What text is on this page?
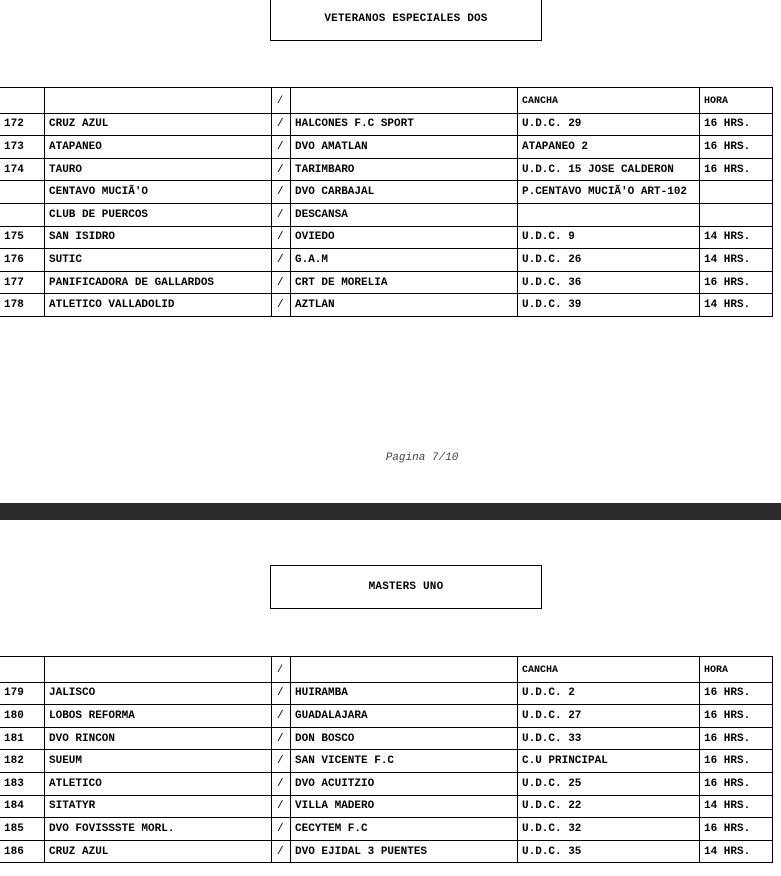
VETERANOS ESPECIALES DOS
		/		CANCHA	HORA
172	CRUZ AZUL	/	HALCONES F.C SPORT	U.D.C. 29	16 HRS.
173	ATAPANEO	/	DVO AMATLAN	ATAPANEO 2	16 HRS.
174	TAURO	/	TARIMBARO	U.D.C. 15 JOSE CALDERON	16 HRS.
	CENTAVO MUCIÃ'O	/	DVO CARBAJAL	P.CENTAVO MUCIÃ'O ART-102	
	CLUB DE PUERCOS	/	DESCANSA		
175	SAN ISIDRO	/	OVIEDO	U.D.C. 9	14 HRS.
176	SUTIC	/	G.A.M	U.D.C. 26	14 HRS.
177	PANIFICADORA DE GALLARDOS	/	CRT DE MORELIA	U.D.C. 36	16 HRS.
178	ATLETICO VALLADOLID	/	AZTLAN	U.D.C. 39	14 HRS.
Pagina 7/10
MASTERS UNO
		/		CANCHA	HORA
179	JALISCO	/	HUIRAMBA	U.D.C. 2	16 HRS.
180	LOBOS REFORMA	/	GUADALAJARA	U.D.C. 27	16 HRS.
181	DVO RINCON	/	DON BOSCO	U.D.C. 33	16 HRS.
182	SUEUM	/	SAN VICENTE F.C	C.U PRINCIPAL	16 HRS.
183	ATLETICO	/	DVO ACUITZIO	U.D.C. 25	16 HRS.
184	SITATYR	/	VILLA MADERO	U.D.C. 22	14 HRS.
185	DVO FOVISSSTE MORL.	/	CECYTEM F.C	U.D.C. 32	16 HRS.
186	CRUZ AZUL	/	DVO EJIDAL 3 PUENTES	U.D.C. 35	14 HRS.
